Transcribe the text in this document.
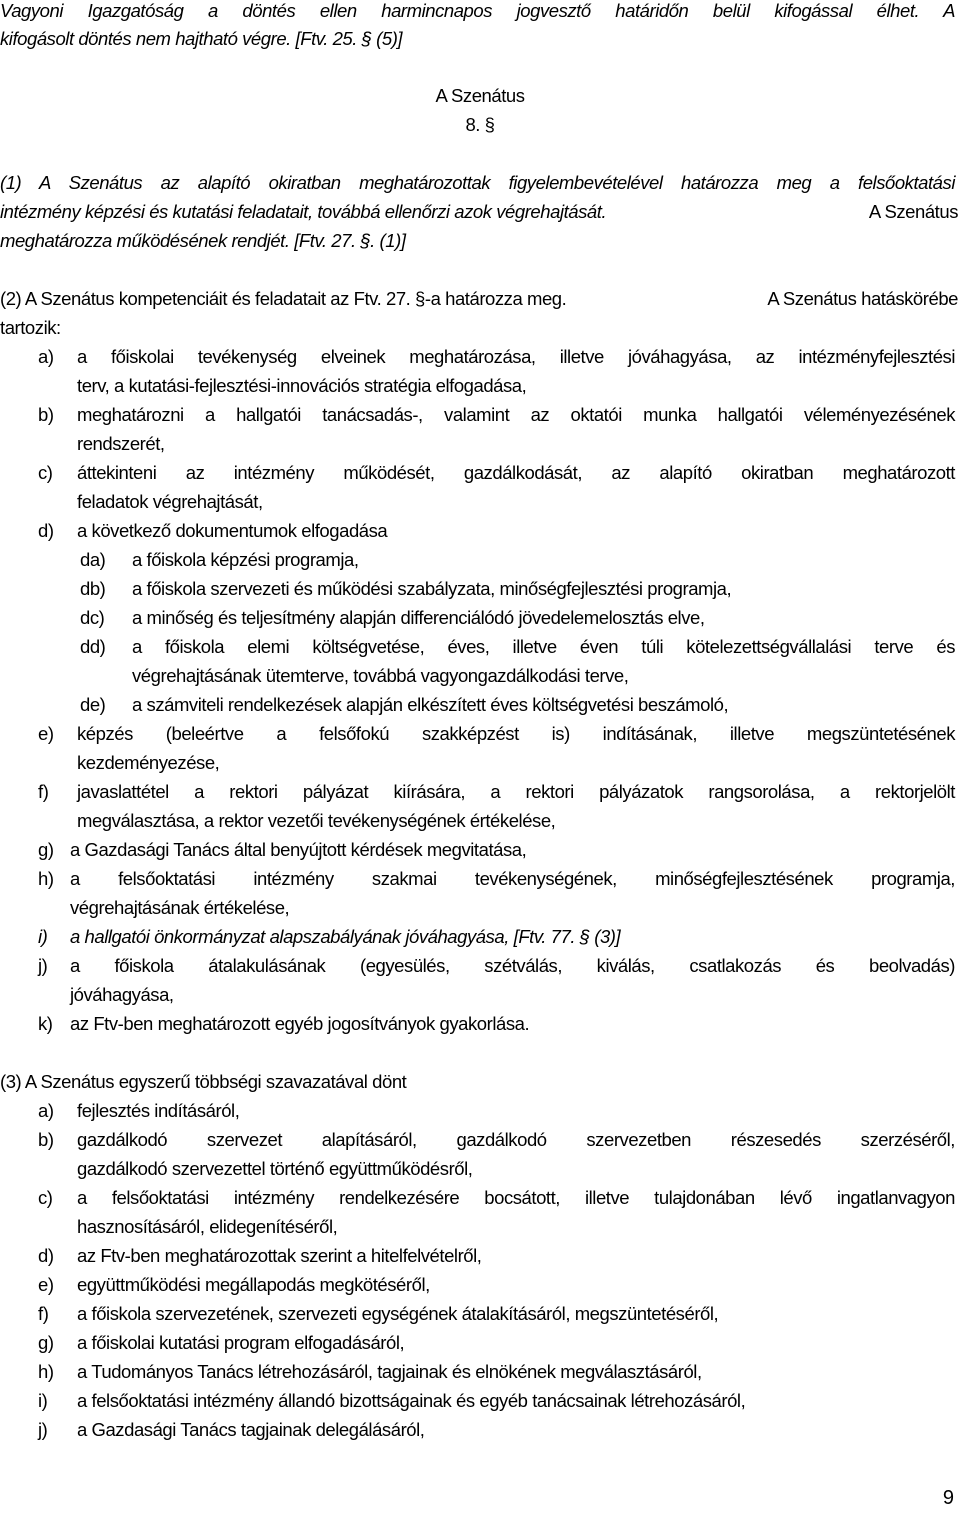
Vagyoni Igazgatóság a döntés ellen harmincnapos jogvesztő határidőn belül kifogással élhet. A
kifogásolt döntés nem hajtható végre. [Ftv. 25. § (5)]
A Szenátus
8. §
(1) A Szenátus az alapító okiratban meghatározottak figyelembevételével határozza meg a felsőoktatási
intézmény képzési és kutatási feladatait, továbbá ellenőrzi azok végrehajtását.	A Szenátus
meghatározza működésének rendjét. [Ftv. 27. §. (1)]
(2) A Szenátus kompetenciáit és feladatait az Ftv. 27. §-a határozza meg.	A Szenátus hatáskörébe
tartozik:
a) a főiskolai tevékenység elveinek meghatározása, illetve jóváhagyása, az intézményfejlesztési
terv, a kutatási-fejlesztési-innovációs stratégia elfogadása,
b) meghatározni a hallgatói tanácsadás-, valamint az oktatói munka hallgatói véleményezésének
rendszerét,
c) áttekinteni az intézmény működését, gazdálkodását, az alapító okiratban meghatározott
feladatok végrehajtását,
d) a következő dokumentumok elfogadása
da) a főiskola képzési programja,
db) a főiskola szervezeti és működési szabályzata, minőségfejlesztési programja,
dc) a minőség és teljesítmény alapján differenciálódó jövedelemelosztás elve,
dd) a főiskola elemi költségvetése, éves, illetve éven túli kötelezettségvállalási terve és
végrehajtásának ütemterve, továbbá vagyongazdálkodási terve,
de) a számviteli rendelkezések alapján elkészített éves költségvetési beszámoló,
e) képzés (beleértve a felsőfokú szakképzést is) indításának, illetve megszüntetésének
kezdeményezése,
f) javaslattétel a rektori pályázat kiírására, a rektori pályázatok rangsorolása, a rektorjelölt
megválasztása, a rektor vezetői tevékenységének értékelése,
g) a Gazdasági Tanács által benyújtott kérdések megvitatása,
h) a felsőoktatási intézmény szakmai tevékenységének, minőségfejlesztésének programja,
végrehajtásának értékelése,
i) a hallgatói önkormányzat alapszabályának jóváhagyása, [Ftv. 77. § (3)]
j) a főiskola átalakulásának (egyesülés, szétválás, kiválás, csatlakozás és beolvadás)
jóváhagyása,
k) az Ftv-ben meghatározott egyéb jogosítványok gyakorlása.
(3) A Szenátus egyszerű többségi szavazatával dönt
a) fejlesztés indításáról,
b) gazdálkodó szervezet alapításáról, gazdálkodó szervezetben részesedés szerzéséről,
gazdálkodó szervezettel történő együttműködésről,
c) a felsőoktatási intézmény rendelkezésére bocsátott, illetve tulajdonában lévő ingatlanvagyon
hasznosításáról, elidegenítéséről,
d) az Ftv-ben meghatározottak szerint a hitelfelvételről,
e) együttműködési megállapodás megkötéséről,
f) a főiskola szervezetének, szervezeti egységének átalakításáról, megszüntetéséről,
g) a főiskolai kutatási program elfogadásáról,
h) a Tudományos Tanács létrehozásáról, tagjainak és elnökének megválasztásáról,
i) a felsőoktatási intézmény állandó bizottságainak és egyéb tanácsainak létrehozásáról,
j) a Gazdasági Tanács tagjainak delegálásáról,
9
